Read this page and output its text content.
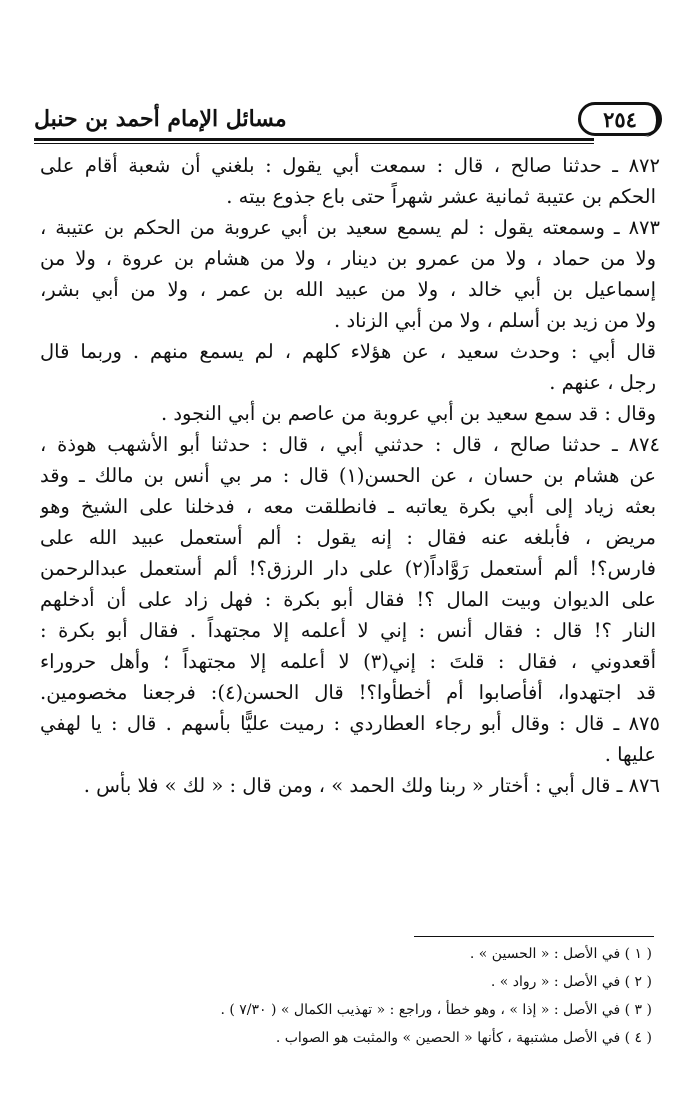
٢٥٤
مسائل الإمام أحمد بن حنبل
٨٧٢ ـ حدثنا صالح ، قال : سمعت أبي يقول : بلغني أن شعبة أقام على
الحكم بن عتيبة ثمانية عشر شهراً حتى باع جذوع بيته .
٨٧٣ ـ وسمعته يقول : لم يسمع سعيد بن أبي عروبة من الحكم بن عتيبة ،
ولا من حماد ، ولا من عمرو بن دينار ، ولا من هشام بن عروة ، ولا من
إسماعيل بن أبي خالد ، ولا من عبيد الله بن عمر ، ولا من أبي بشر،
ولا من زيد بن أسلم ، ولا من أبي الزناد .
قال أبي : وحدث سعيد ، عن هؤلاء كلهم ، لم يسمع منهم . وربما قال
رجل ، عنهم .
وقال : قد سمع سعيد بن أبي عروبة من عاصم بن أبي النجود .
٨٧٤ ـ حدثنا صالح ، قال : حدثني أبي ، قال : حدثنا أبو الأشهب هوذة ،
عن هشام بن حسان ، عن الحسن(١) قال : مر بي أنس بن مالك ـ وقد
بعثه زياد إلى أبي بكرة يعاتبه ـ فانطلقت معه ، فدخلنا على الشيخ وهو
مريض ، فأبلغه عنه فقال : إنه يقول : ألم أستعمل عبيد الله على
فارس؟! ألم أستعمل رَوَّاداً(٢) على دار الرزق؟! ألم أستعمل عبدالرحمن
على الديوان وبيت المال ؟! فقال أبو بكرة : فهل زاد على أن أدخلهم
النار ؟! قال : فقال أنس : إني لا أعلمه إلا مجتهداً . فقال أبو بكرة :
أقعدوني ، فقال : قلتَ : إني(٣) لا أعلمه إلا مجتهداً ؛ وأهل حروراء
قد اجتهدوا، أفأصابوا أم أخطأوا؟! قال الحسن(٤): فرجعنا مخصومين.
٨٧٥ ـ قال : وقال أبو رجاء العطاردي : رميت عليًّا بأسهم . قال : يا لهفي
عليها .
٨٧٦ ـ قال أبي : أختار « ربنا ولك الحمد » ، ومن قال : « لك » فلا بأس .
( ١ ) في الأصل : « الحسين » .
( ٢ ) في الأصل : « رواد » .
( ٣ ) في الأصل : « إذا » ، وهو خطأ ، وراجع : « تهذيب الكمال » ( ٧/٣٠ ) .
( ٤ ) في الأصل مشتبهة ، كأنها « الحصين » والمثبت هو الصواب .
